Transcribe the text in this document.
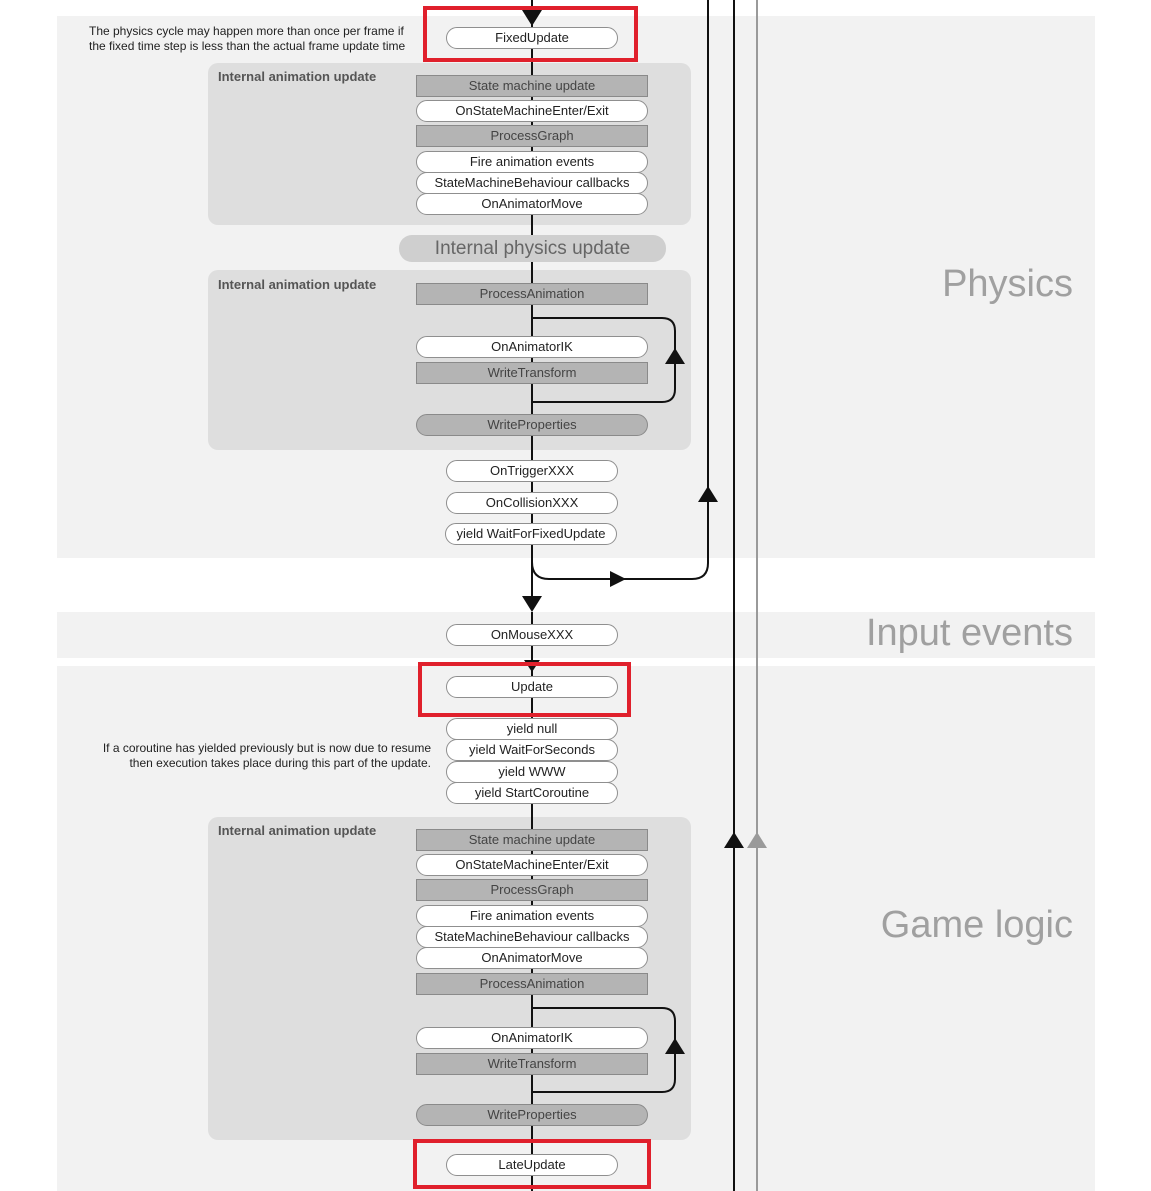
Physics
Input events
Game logic
The physics cycle may happen more than once per frame if the fixed time step is less than the actual frame update time
If a coroutine has yielded previously but is now due to resume then execution takes place during this part of the update.
Internal animation update
Internal animation update
Internal animation update
FixedUpdate
State machine update
OnStateMachineEnter/Exit
ProcessGraph
Fire animation events
StateMachineBehaviour callbacks
OnAnimatorMove
Internal physics update
ProcessAnimation
OnAnimatorIK
WriteTransform
WriteProperties
OnTriggerXXX
OnCollisionXXX
yield WaitForFixedUpdate
OnMouseXXX
Update
yield null
yield WaitForSeconds
yield WWW
yield StartCoroutine
State machine update
OnStateMachineEnter/Exit
ProcessGraph
Fire animation events
StateMachineBehaviour callbacks
OnAnimatorMove
ProcessAnimation
OnAnimatorIK
WriteTransform
WriteProperties
LateUpdate
